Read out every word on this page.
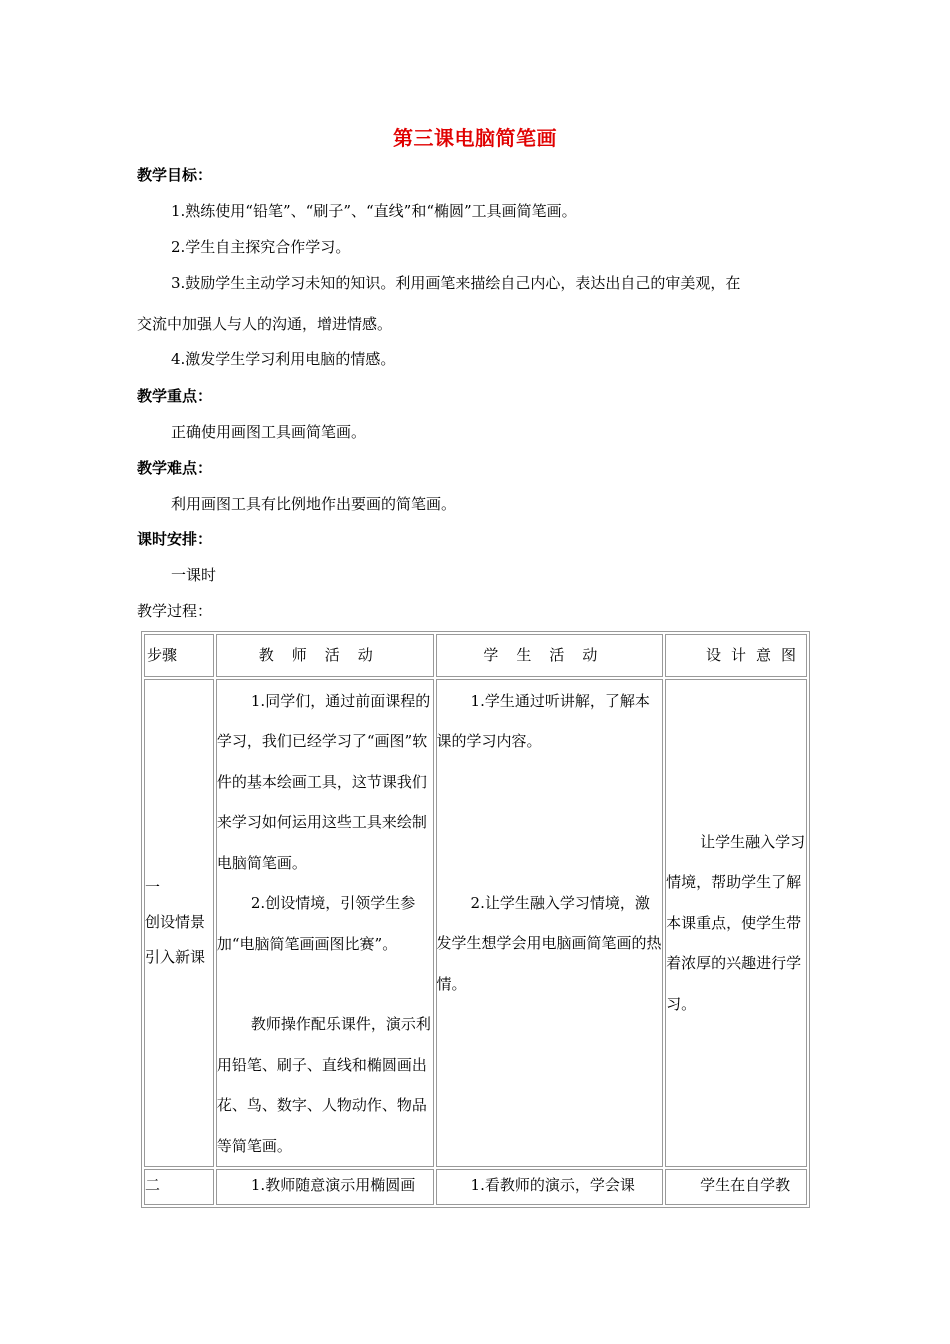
第三课电脑简笔画
教学目标：
1.熟练使用“铅笔”、“刷子”、“直线”和“椭圆”工具画简笔画。
2.学生自主探究合作学习。
3.鼓励学生主动学习未知的知识。利用画笔来描绘自己内心，表达出自己的审美观，在
交流中加强人与人的沟通，增进情感。
4.激发学生学习利用电脑的情感。
教学重点：
正确使用画图工具画简笔画。
教学难点：
利用画图工具有比例地作出要画的简笔画。
课时安排：
一课时
教学过程：
步骤	教师活动	学生活动	设计意图

一
创设情景
引入新课	1.同学们，通过前面课程的学习，我们已经学习了“画图”软件的基本绘画工具，这节课我们来学习如何运用这些工具来绘制电脑简笔画。
2.创设情境，引领学生参加“电脑简笔画画图比赛”。
教师操作配乐课件，演示利用铅笔、刷子、直线和椭圆画出花、鸟、数字、人物动作、物品等简笔画。	1.学生通过听讲解，了解本课的学习内容。
2.让学生融入学习情境，激发学生想学会用电脑画简笔画的热情。	让学生融入学习情境，帮助学生了解本课重点，使学生带着浓厚的兴趣进行学习。

二	1.教师随意演示用椭圆画	1.看教师的演示，学会课	学生在自学教
